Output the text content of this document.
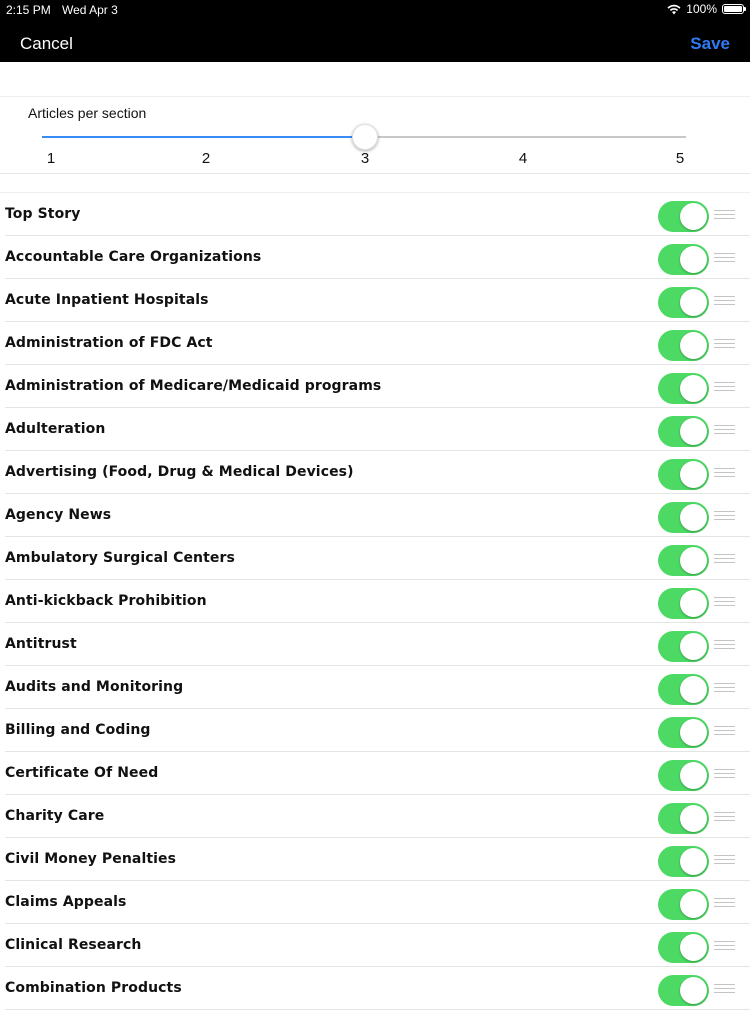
2:15 PM Wed Apr 3	100%
Cancel	Save
Articles per section
1	2	3	4	5
Top Story
Accountable Care Organizations
Acute Inpatient Hospitals
Administration of FDC Act
Administration of Medicare/Medicaid programs
Adulteration
Advertising (Food, Drug & Medical Devices)
Agency News
Ambulatory Surgical Centers
Anti-kickback Prohibition
Antitrust
Audits and Monitoring
Billing and Coding
Certificate Of Need
Charity Care
Civil Money Penalties
Claims Appeals
Clinical Research
Combination Products
